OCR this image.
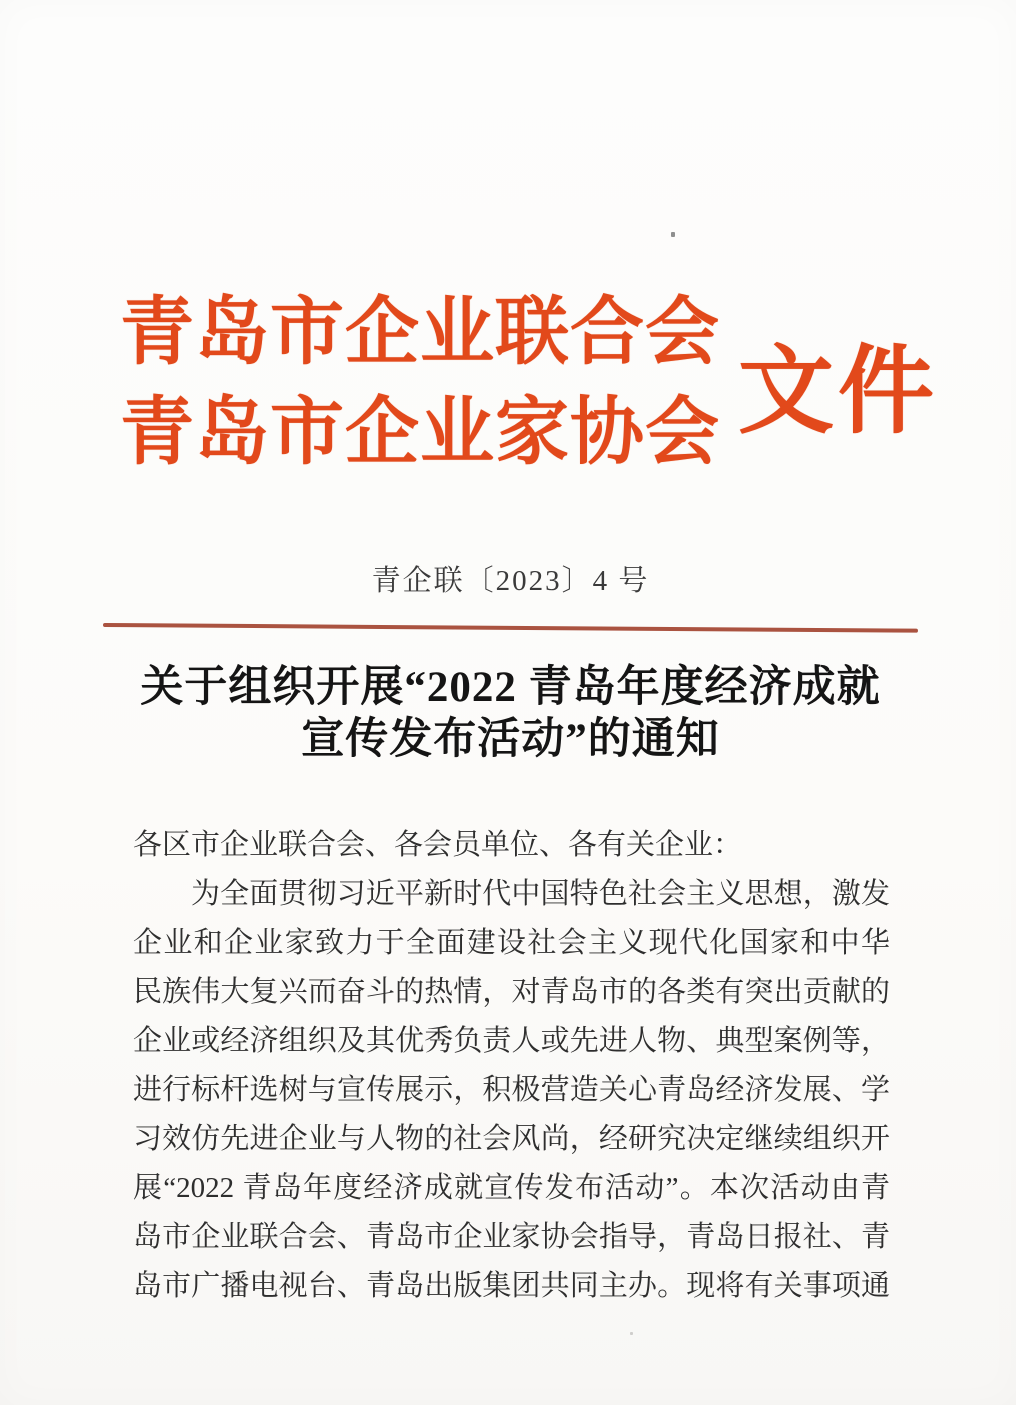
青岛市企业联合会
青岛市企业家协会 文件
青企联〔2023〕4 号
关于组织开展“2022 青岛年度经济成就
宣传发布活动”的通知
各区市企业联合会、各会员单位、各有关企业：
为全面贯彻习近平新时代中国特色社会主义思想，激发
企业和企业家致力于全面建设社会主义现代化国家和中华
民族伟大复兴而奋斗的热情，对青岛市的各类有突出贡献的
企业或经济组织及其优秀负责人或先进人物、典型案例等，
进行标杆选树与宣传展示，积极营造关心青岛经济发展、学
习效仿先进企业与人物的社会风尚，经研究决定继续组织开
展“2022 青岛年度经济成就宣传发布活动”。本次活动由青
岛市企业联合会、青岛市企业家协会指导，青岛日报社、青
岛市广播电视台、青岛出版集团共同主办。现将有关事项通
